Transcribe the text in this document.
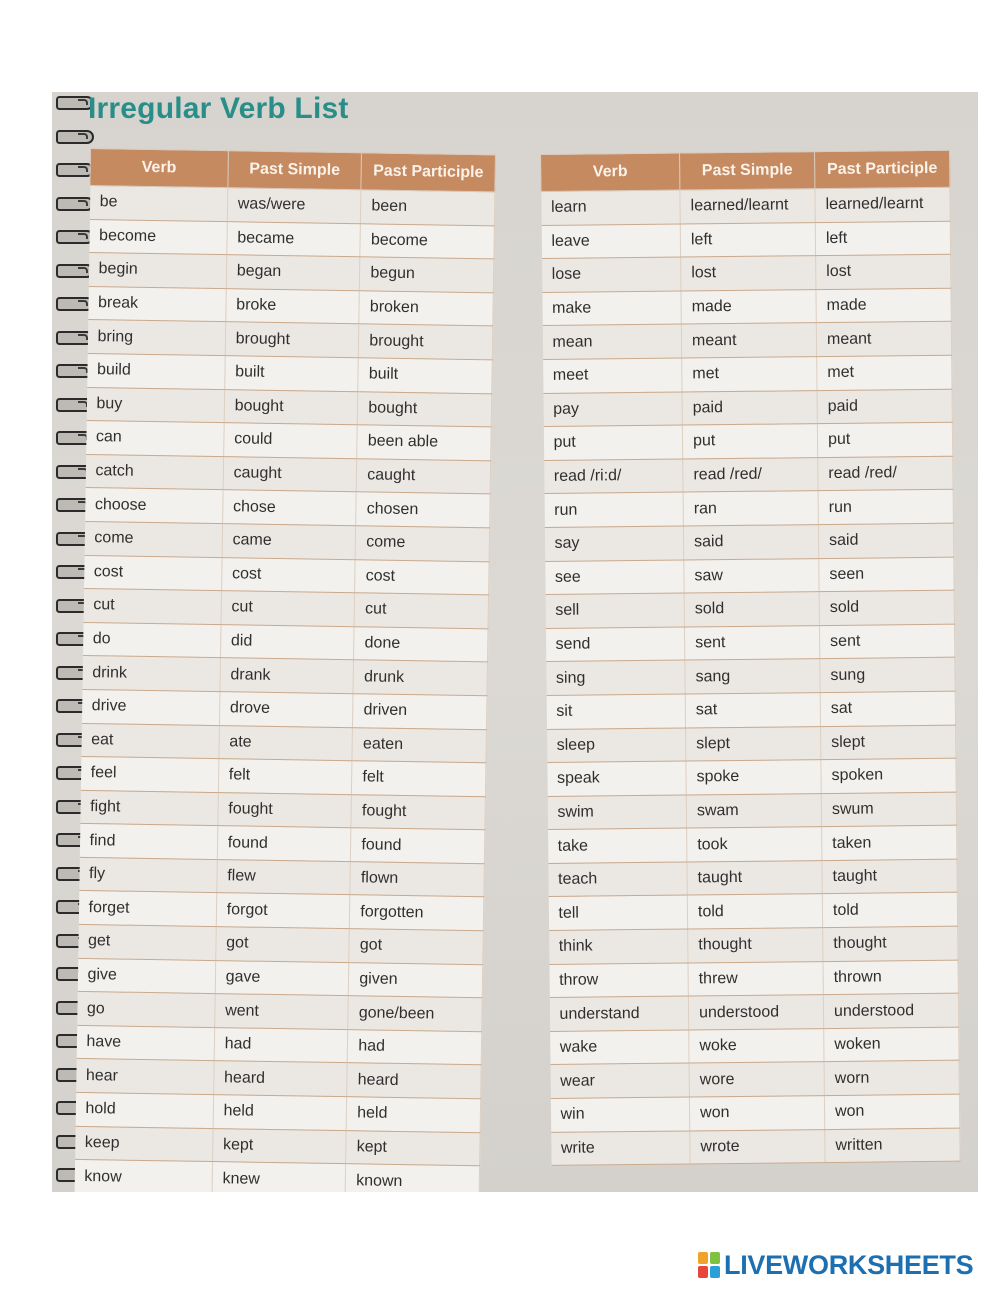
Irregular Verb List
Verb	Past Simple	Past Participle
be	was/were	been
become	became	become
begin	began	begun
break	broke	broken
bring	brought	brought
build	built	built
buy	bought	bought
can	could	been able
catch	caught	caught
choose	chose	chosen
come	came	come
cost	cost	cost
cut	cut	cut
do	did	done
drink	drank	drunk
drive	drove	driven
eat	ate	eaten
feel	felt	felt
fight	fought	fought
find	found	found
fly	flew	flown
forget	forgot	forgotten
get	got	got
give	gave	given
go	went	gone/been
have	had	had
hear	heard	heard
hold	held	held
keep	kept	kept
know	knew	known
Verb	Past Simple	Past Participle
learn	learned/learnt	learned/learnt
leave	left	left
lose	lost	lost
make	made	made
mean	meant	meant
meet	met	met
pay	paid	paid
put	put	put
read /ri:d/	read /red/	read /red/
run	ran	run
say	said	said
see	saw	seen
sell	sold	sold
send	sent	sent
sing	sang	sung
sit	sat	sat
sleep	slept	slept
speak	spoke	spoken
swim	swam	swum
take	took	taken
teach	taught	taught
tell	told	told
think	thought	thought
throw	threw	thrown
understand	understood	understood
wake	woke	woken
wear	wore	worn
win	won	won
write	wrote	written
LIVEWORKSHEETS
